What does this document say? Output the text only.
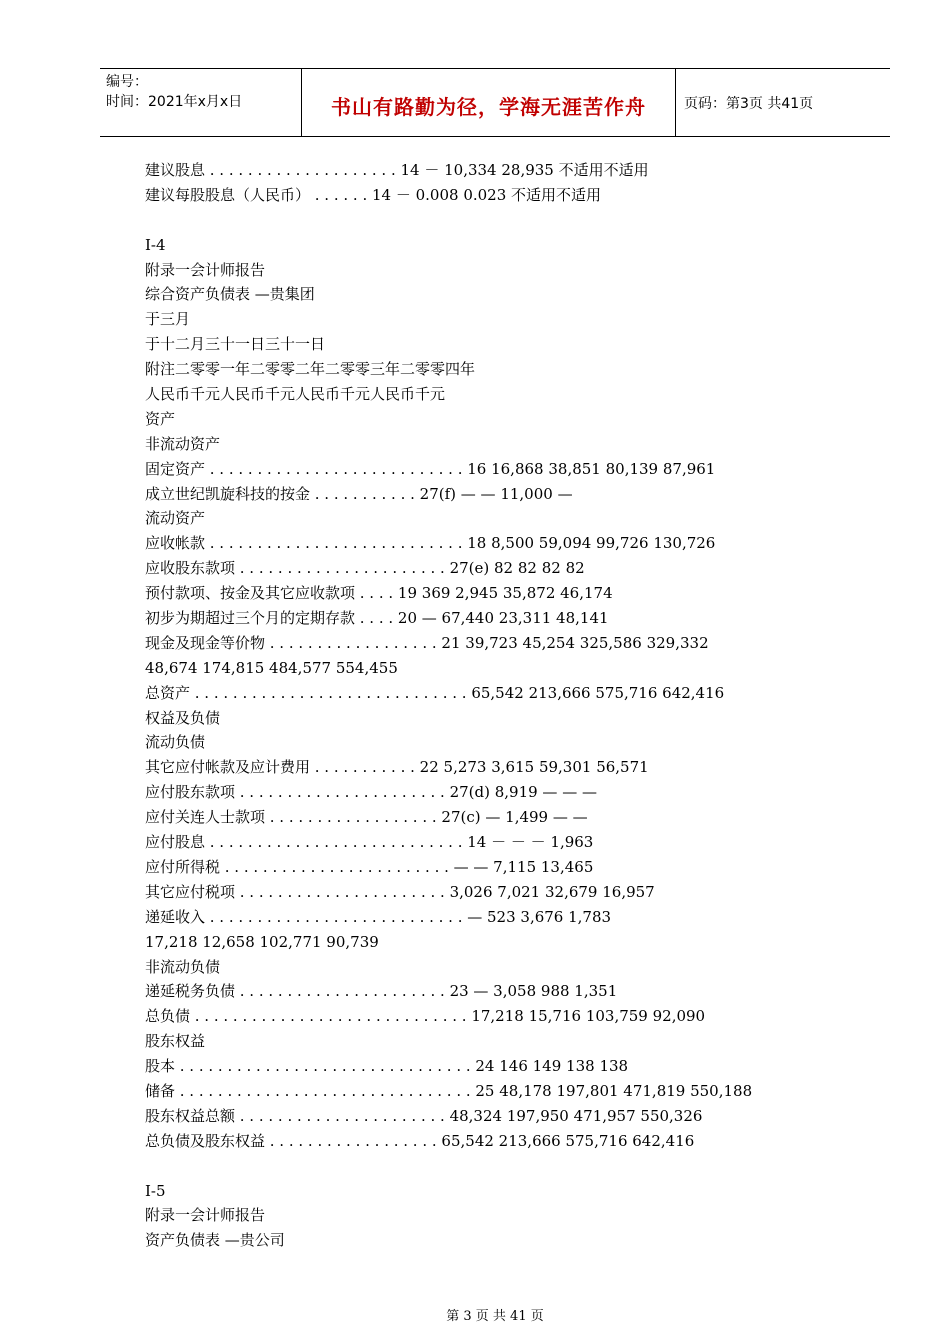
编号：
时间：2021年x月x日	书山有路勤为径，学海无涯苦作舟	页码：第3页 共41页
建议股息 . . . . . . . . . . . . . . . . . . . . 14 － 10,334 28,935 不适用不适用
建议每股股息（人民币） . . . . . . 14 － 0.008 0.023 不适用不适用
I-4
附录一会计师报告
综合资产负债表 —贵集团
于三月
于十二月三十一日三十一日
附注二零零一年二零零二年二零零三年二零零四年
人民币千元人民币千元人民币千元人民币千元
资产
非流动资产
固定资产 . . . . . . . . . . . . . . . . . . . . . . . . . . . 16 16,868 38,851 80,139 87,961
成立世纪凯旋科技的按金 . . . . . . . . . . . 27(f) — — 11,000 —
流动资产
应收帐款 . . . . . . . . . . . . . . . . . . . . . . . . . . . 18 8,500 59,094 99,726 130,726
应收股东款项 . . . . . . . . . . . . . . . . . . . . . . 27(e) 82 82 82 82
预付款项、按金及其它应收款项 . . . . 19 369 2,945 35,872 46,174
初步为期超过三个月的定期存款 . . . . 20 — 67,440 23,311 48,141
现金及现金等价物 . . . . . . . . . . . . . . . . . . 21 39,723 45,254 325,586 329,332
48,674 174,815 484,577 554,455
总资产 . . . . . . . . . . . . . . . . . . . . . . . . . . . . . 65,542 213,666 575,716 642,416
权益及负债
流动负债
其它应付帐款及应计费用 . . . . . . . . . . . 22 5,273 3,615 59,301 56,571
应付股东款项 . . . . . . . . . . . . . . . . . . . . . . 27(d) 8,919 — — —
应付关连人士款项 . . . . . . . . . . . . . . . . . . 27(c) — 1,499 — —
应付股息 . . . . . . . . . . . . . . . . . . . . . . . . . . . 14 － － － 1,963
应付所得税 . . . . . . . . . . . . . . . . . . . . . . . . — — 7,115 13,465
其它应付税项 . . . . . . . . . . . . . . . . . . . . . . 3,026 7,021 32,679 16,957
递延收入 . . . . . . . . . . . . . . . . . . . . . . . . . . . — 523 3,676 1,783
17,218 12,658 102,771 90,739
非流动负债
递延税务负债 . . . . . . . . . . . . . . . . . . . . . . 23 — 3,058 988 1,351
总负债 . . . . . . . . . . . . . . . . . . . . . . . . . . . . . 17,218 15,716 103,759 92,090
股东权益
股本 . . . . . . . . . . . . . . . . . . . . . . . . . . . . . . . 24 146 149 138 138
储备 . . . . . . . . . . . . . . . . . . . . . . . . . . . . . . . 25 48,178 197,801 471,819 550,188
股东权益总额 . . . . . . . . . . . . . . . . . . . . . . 48,324 197,950 471,957 550,326
总负债及股东权益 . . . . . . . . . . . . . . . . . . 65,542 213,666 575,716 642,416
I-5
附录一会计师报告
资产负债表 —贵公司
第 3 页 共 41 页
